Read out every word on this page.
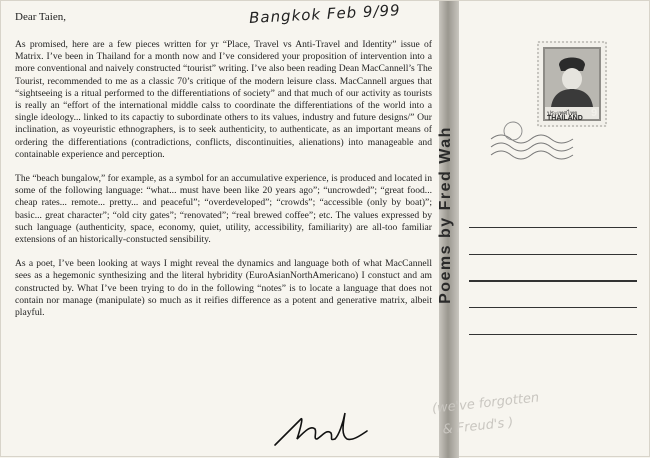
Dear Taien,	Bangkok Feb 9/99

As promised, here are a few pieces written for yr “Place, Travel vs Anti-Travel and Identity” issue of Matrix. I’ve been in Thailand for a month now and I’ve considered your proposition of intervention into a more conventional and naively constructed “tourist” writing. I’ve also been reading Dean MacCannell’s The Tourist, recommended to me as a classic 70’s critique of the modern leisure class. MacCannell argues that “sightseeing is a ritual performed to the differentiations of society” and that much of our activity as tourists is really an “effort of the international middle calss to coordinate the differentiations of the world into a single ideology... linked to its capactiy to subordinate others to its values, industry and future designs/” Our inclination, as voyeuristic ethnographers, is to seek authenticity, to authenticate, as an important means of ordering the differentiations (contradictions, conflicts, discontinuities, alienations) into manageable and containable experience and perception.

The “beach bungalow,” for example, as a symbol for an accumulative experience, is produced and located in some of the following language: “what... must have been like 20 years ago”; “uncrowded”; “great food... cheap rates... remote... pretty... and peaceful”; “overdeveloped”; “crowds”; “accessible (only by boat)”; basic... great character”; “old city gates”; “renovated”; “real brewed coffee”; etc. The values expressed by such language (authenticity, space, economy, quiet, utility, accessibility, familiarity) are all-too familiar extensions of an historically-constucted sensibility.

As a poet, I’ve been looking at ways I might reveal the dynamics and language both of what MacCannell sees as a hegemonic synthesizing and the literal hybridity (EuroAsianNorthAmericano) I constuct and am constructed by. What I’ve been trying to do in the following “notes” is to locate a language that does not contain nor manage (manipulate) so much as it reifies difference as a potent and generative matrix, albeit playful.

Poems by Fred Wah
ประเทศไทย
THAILAND 9
(we've forgotten
& Freud's )
